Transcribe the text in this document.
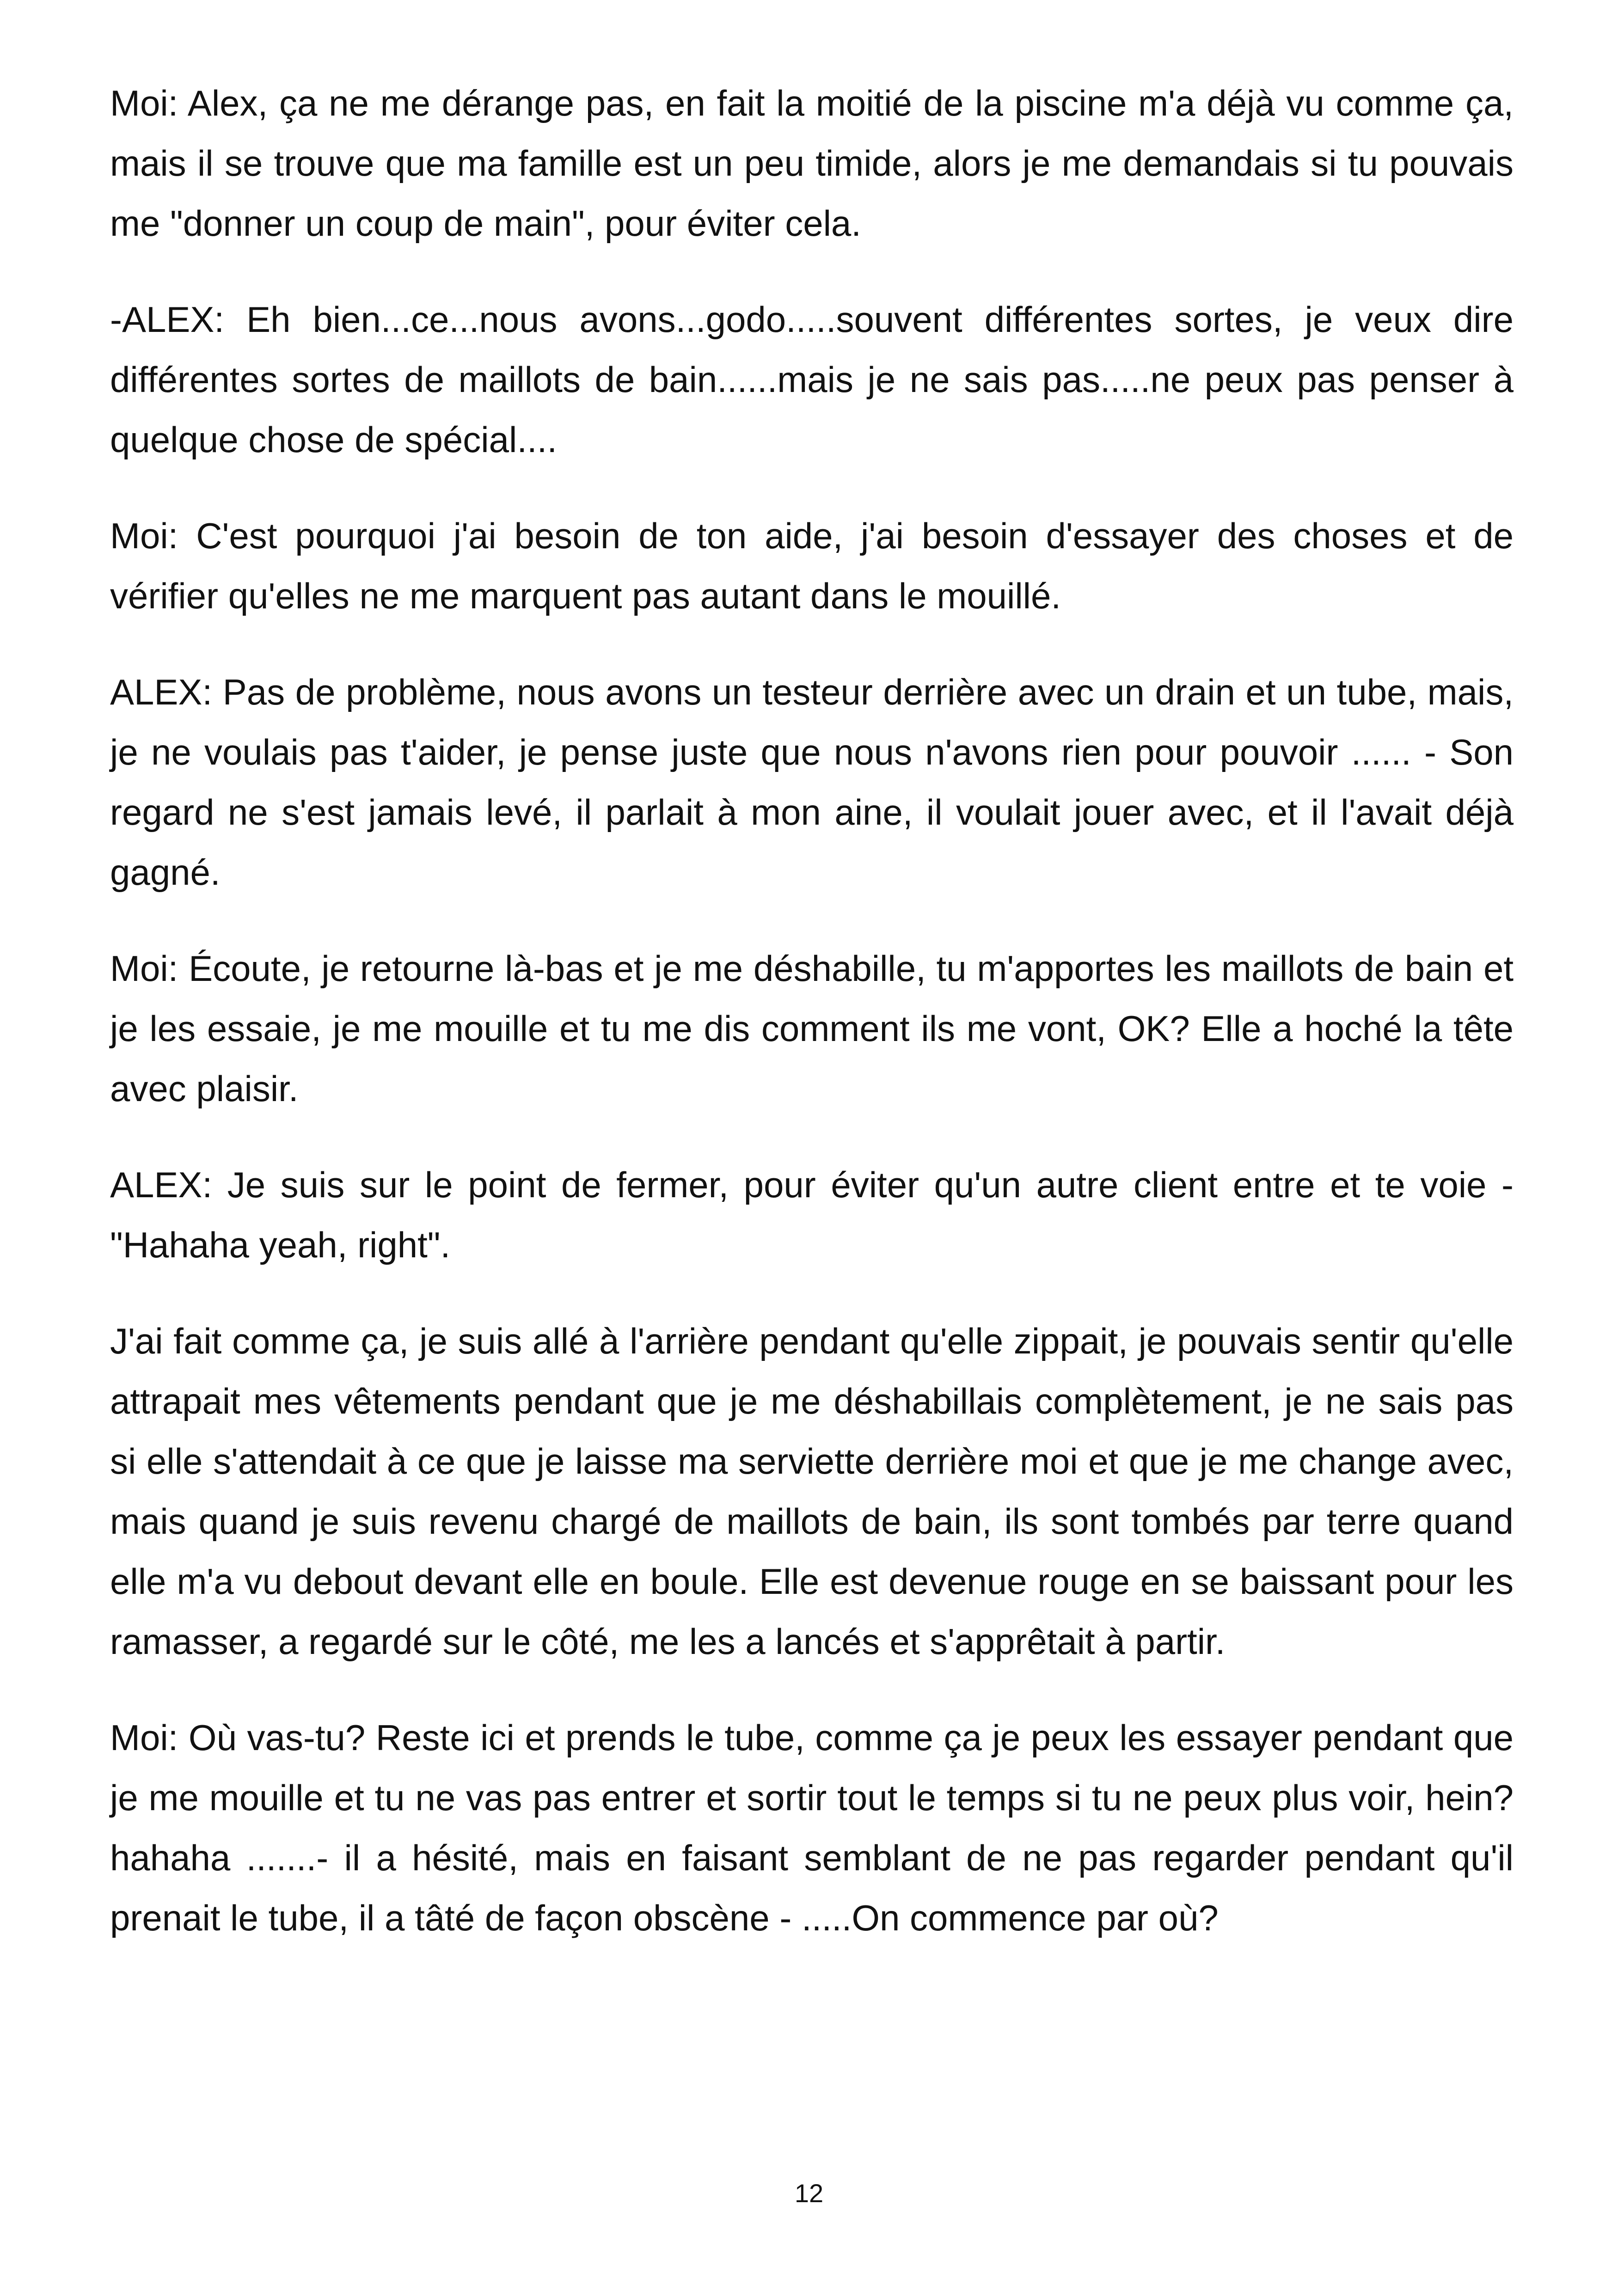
Moi: Alex, ça ne me dérange pas, en fait la moitié de la piscine m'a déjà vu comme ça, mais il se trouve que ma famille est un peu timide, alors je me demandais si tu pouvais me "donner un coup de main", pour éviter cela.

-ALEX: Eh bien...ce...nous avons...godo.....souvent différentes sortes, je veux dire différentes sortes de maillots de bain......mais je ne sais pas.....ne peux pas penser à quelque chose de spécial....

Moi: C'est pourquoi j'ai besoin de ton aide, j'ai besoin d'essayer des choses et de vérifier qu'elles ne me marquent pas autant dans le mouillé.

ALEX: Pas de problème, nous avons un testeur derrière avec un drain et un tube, mais, je ne voulais pas t'aider, je pense juste que nous n'avons rien pour pouvoir ...... - Son regard ne s'est jamais levé, il parlait à mon aine, il voulait jouer avec, et il l'avait déjà gagné.

Moi: Écoute, je retourne là-bas et je me déshabille, tu m'apportes les maillots de bain et je les essaie, je me mouille et tu me dis comment ils me vont, OK? Elle a hoché la tête avec plaisir.

ALEX: Je suis sur le point de fermer, pour éviter qu'un autre client entre et te voie - "Hahaha yeah, right".

J'ai fait comme ça, je suis allé à l'arrière pendant qu'elle zippait, je pouvais sentir qu'elle attrapait mes vêtements pendant que je me déshabillais complètement, je ne sais pas si elle s'attendait à ce que je laisse ma serviette derrière moi et que je me change avec, mais quand je suis revenu chargé de maillots de bain, ils sont tombés par terre quand elle m'a vu debout devant elle en boule. Elle est devenue rouge en se baissant pour les ramasser, a regardé sur le côté, me les a lancés et s'apprêtait à partir.

Moi: Où vas-tu? Reste ici et prends le tube, comme ça je peux les essayer pendant que je me mouille et tu ne vas pas entrer et sortir tout le temps si tu ne peux plus voir, hein? hahaha .......- il a hésité, mais en faisant semblant de ne pas regarder pendant qu'il prenait le tube, il a tâté de façon obscène - .....On commence par où?

12
